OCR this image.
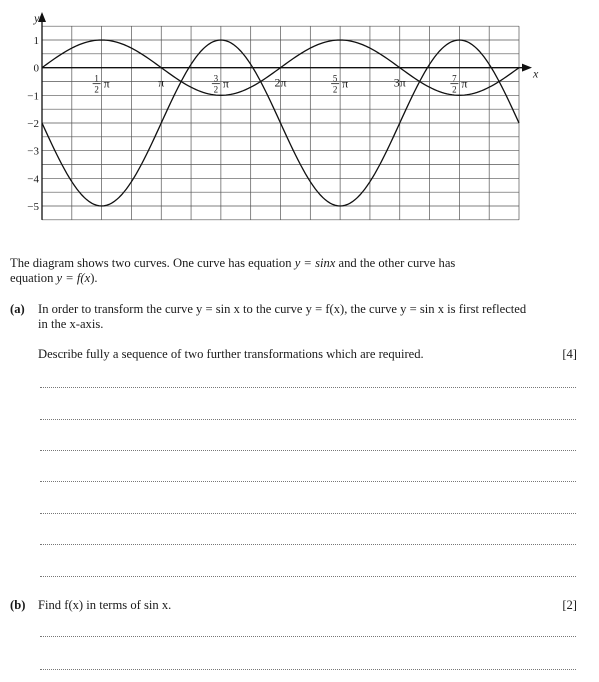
y
x
1
0
−1
−2
−3
−4
−5
1
2 π	π	3
2 π	2π	5
2 π	3π	7
2 π
The diagram shows two curves. One curve has equation y = sinx and the other curve has
equation y = f(x).
(a) In order to transform the curve y = sin x to the curve y = f(x), the curve y = sin x is first reflected
in the x-axis.
Describe fully a sequence of two further transformations which are required.	[4]
(b) Find f(x) in terms of sin x.	[2]
